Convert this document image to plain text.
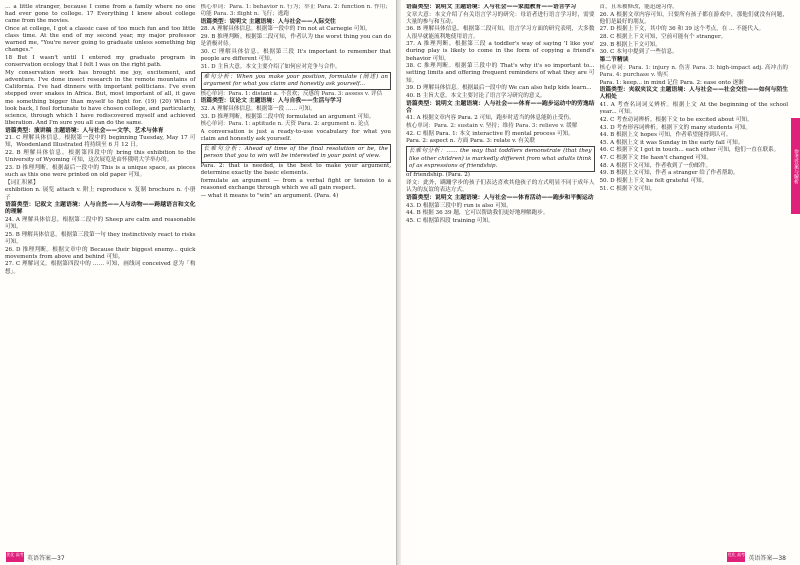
… a little stranger, because I come from a family where no one had ever gone to college. 17 Everything I knew about college came from the movies.

Once at college, I got a classic case of too much fun and too little class time. At the end of my second year, my major professor warned me, "You're never going to graduate unless something big changes."

18 But I wasn't until I entered my graduate program in conservation ecology that I felt I was on the right path.

My conservation work has brought me joy, excitement, and adventure. I've done insect research in the remote mountains of California. I've had dinners with important politicians. I've even stepped over snakes in Africa. But, most important of all, it gave me something bigger than myself to fight for. (19) (20) When I look back, I feel fortunate to have chosen college, and particularly, science, through which I have rediscovered myself and achieved liberation. And I'm sure you all can do the same.

语篇类型：演讲稿 主题语境：人与社会——文学、艺术与体育

21. C 理解具体信息。根据第一段中的 beginning Tuesday, May 17 可知，Woodenland Illustrated 将持续至 6 月 12 日。

22. B 理解具体信息。根据第四段中的 bring this exhibition to the University of Wyoming 可知，这次展览是由怀俄明大学举办的。

23. D 推理判断。根据最后一段中的 This is a unique space, as pieces such as this one were printed on old paper 可知。

【词汇积累】

exhibition n. 展览 attach v. 附上 reproduce v. 复制 brochure n. 小册子

语篇类型：记叙文 主题语境：人与自然——人与动物——跨越语言和文化的理解

24. A 理解具体信息。根据第二段中的 Sheep are calm and reasonable 可知。

25. B 理解具体信息。根据第三段第一句 they instinctively react to risks 可知。

26. D 推理判断。根据文章中的 Because their biggest enemy... quick movements from above and behind 可知。

27. C 理解词义。根据第四段中的 …… 可知，画线词 conceived 意为「构想」。

核心单词：Para. 1: behavior n. 行为；举止 Para. 2: function n. 作用；功能 Para. 3: flight n. 飞行；逃跑

语篇类型：说明文 主题语境：人与社会——人际交往

28. A 理解具体信息。根据第一段中的 I'm not at Carnegie 可知。

29. B 推理判断。根据第二段可知，作者认为 the worst thing you can do 是消极对待。

30. C 理解具体信息。根据第三段 It's important to remember that people are different 可知。

31. D 主旨大意。本文主要介绍了如何应对竞争与合作。

难句分析：When you make your position, formulate (阐述) an argument for what you claim and honestly ask yourself...

核心单词：Para. 1: distant a. 不喜欢；反感的 Para. 3: assess v. 评估

语篇类型：议论文 主题语境：人与自我——生活与学习

32. A 理解具体信息。根据第一段 …… 可知。

33. D 推理判断。根据第二段中的 formulated an argument 可知。

核心单词：Para. 1: aptitude n. 天资 Para. 2: argument n. 论点

A conversation is just a ready-to-use vocabulary for what you claim and honestly ask yourself.

长难句分析：Ahead of time of the final resolution or be, the person that you to win will be interested in your point of view.

Para. 2: that is needed, is the best to make your argument, determine exactly the basic elements.

formulate an argument — from a verbal fight or tension to a reasoned exchange through which we all gain respect.

— what it means to "win" an argument. (Para. 4)

优化 高考 英语答案—37

语篇类型：说明文 主题语境：人与社会——家庭教育——语言学习

文章大意：本文介绍了有关语言学习的研究：母语者进行语言学习时，需要大量的参与和互动。

36. B 理解具体信息。根据第二段可知，语言学习方面的研究表明，大多数人很早就能流利地使用语言。

37. A 推理判断。根据第三段 a toddler's way of saying 'I like you' during play is likely to come in the form of copying a friend's behavior 可知。

38. C 推理判断。根据第三段中的 That's why it's so important to... setting limits and offering frequent reminders of what they are 可知。

39. D 理解具体信息。根据最后一段中的 We can also help kids learn...

40. B 主旨大意。本文主要讨论了语言学习研究的意义。

语篇类型：说明文 主题语境：人与社会——体育——跑步运动中的劳逸结合

41. A 根据文章内容 Para. 2 可知，跑步时适当的休息能防止受伤。

核心单词：Para. 2: sustain v. 坚持；维持 Para. 3: relieve v. 缓解

42. C 根据 Para. 1: 本文 interactive 的 mental process 可知。

Para. 2: aspect n. 方面 Para. 3: relate v. 有关联

长难句分析：…… the way that toddlers demonstrate (that they like other children) is markedly different from what adults think of as expressions of friendship.

of friendship. (Para. 2)

译文：此外，蹒跚学步的孩子们表达喜欢其他孩子的方式明显不同于成年人认为的友谊的表达方式。

语篇类型：说明文 主题语境：人与社会——体育活动——跑步和平衡运动

43. D 根据第三段中的 run is also 可知。

44. B 根据 36 39 题，它可以帮助我们更好地理解跑步。

45. C 根据第四段 training 可知。

首，且未被修改，能迅速习得。

26. A 根据文章内容可知，只要所有孩子都在游戏中，那他们就没有问题，他们是最好的朋友。

27. D 根据上下文，其中的 36 和 39 这个考点，在 ... 不能代入。

28. C 根据上下文可知，空前可能有个 stranger。

29. B 根据上下文可知。

30. C 本句中提到了一些信息。

第二节精读

核心单词：Para. 1: injury n. 伤害 Para. 3: high-impact adj. 高冲击的 Para. 4: purchase v. 购买

Para. 1: keep... in mind 记住 Para. 2: ease onto 逐渐

语篇类型：夹叙夹议文 主题语境：人与社会——社会交往——如何与陌生人相处

41. A 考查名词词义辨析。根据上文 At the beginning of the school year... 可知。

42. C 考查动词辨析。根据下文 to be excited about 可知。

43. D 考查形容词辨析。根据下文的 many students 可知。

44. B 根据上文 hopes 可知，作者希望能得到认可。

45. A 根据上文 it was Sunday in the early fall 可知。

46. C 根据下文 I got in touch... each other 可知，他们一直在联系。

47. C 根据下文 He hasn't changed 可知。

48. A 根据下文可知，作者收到了一份邮件。

49. B 根据上文可知，作者 a stranger 给了作者帮助。

50. D 根据上下文 he felt grateful 可知。

51. C 根据下文可知。

参考答案与解析
优化 高考 英语答案—38
